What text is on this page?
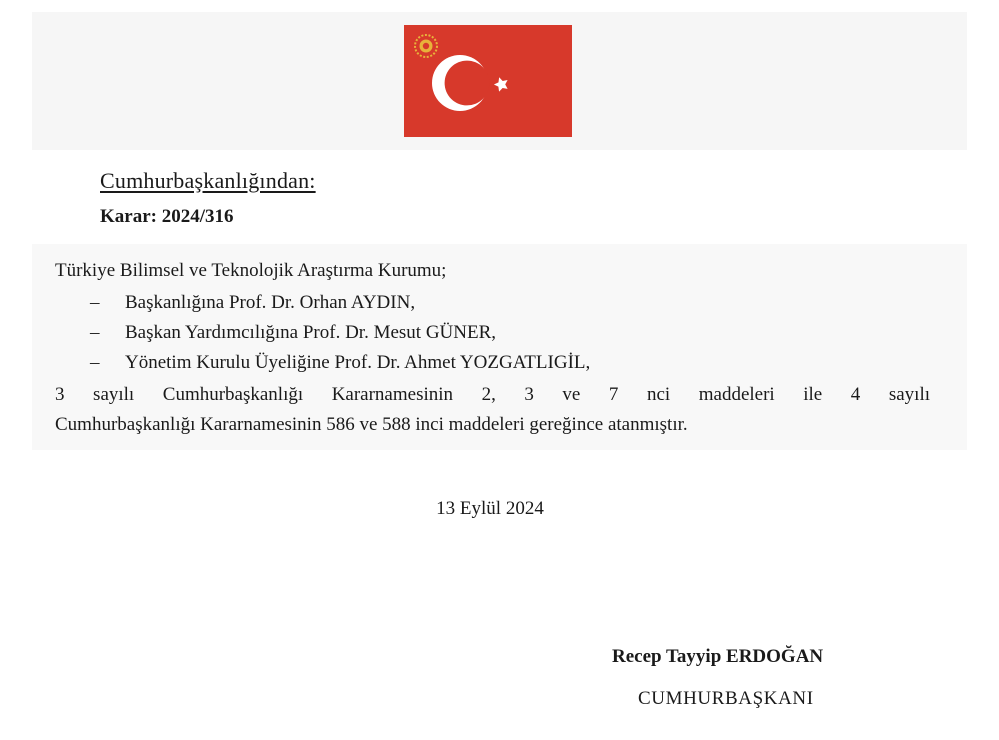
Cumhurbaşkanlığından:
Karar: 2024/316
Türkiye Bilimsel ve Teknolojik Araştırma Kurumu;
– Başkanlığına Prof. Dr. Orhan AYDIN,
– Başkan Yardımcılığına Prof. Dr. Mesut GÜNER,
– Yönetim Kurulu Üyeliğine Prof. Dr. Ahmet YOZGATLIGİL,
3 sayılı Cumhurbaşkanlığı Kararnamesinin 2, 3 ve 7 nci maddeleri ile 4 sayılı
Cumhurbaşkanlığı Kararnamesinin 586 ve 588 inci maddeleri gereğince atanmıştır.
13 Eylül 2024
Recep Tayyip ERDOĞAN
CUMHURBAŞKANI
